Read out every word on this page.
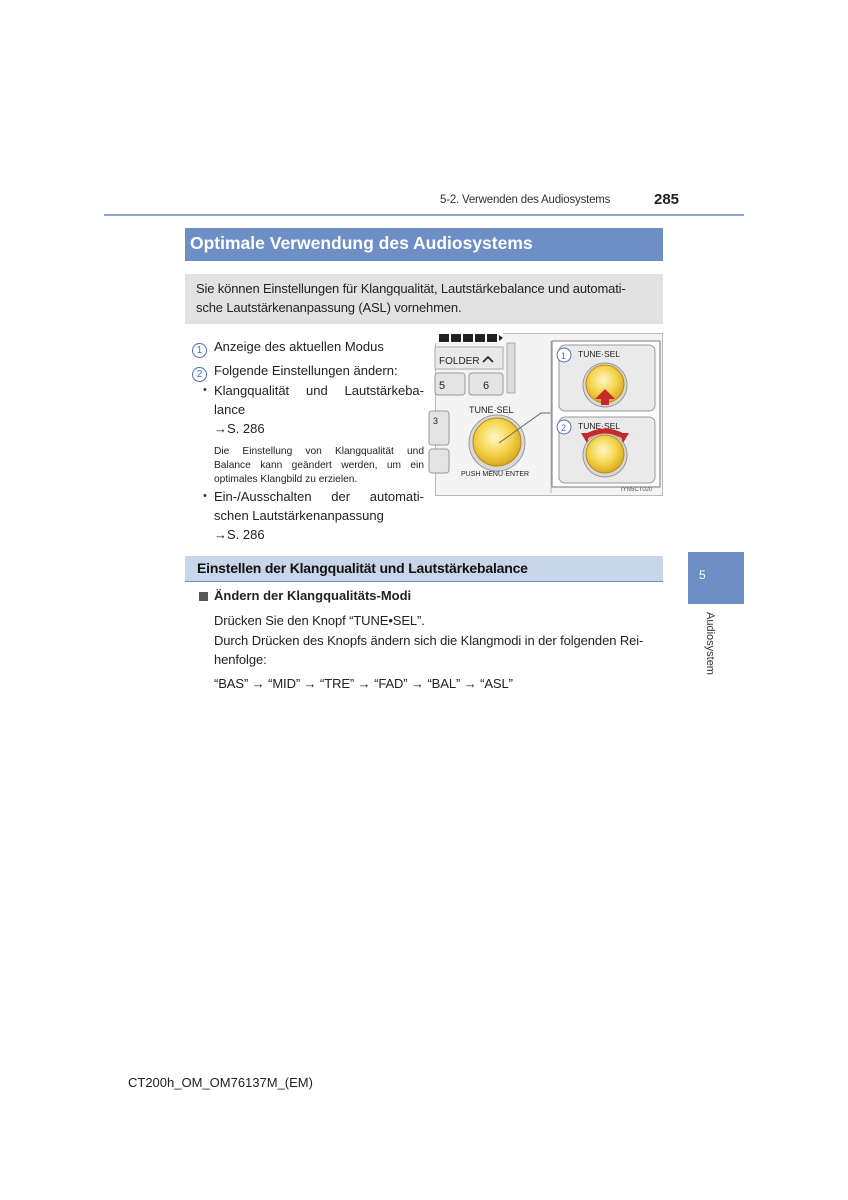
5-2. Verwenden des Audiosystems	285
Optimale Verwendung des Audiosystems
Sie können Einstellungen für Klangqualität, Lautstärkebalance und automati-
sche Lautstärkenanpassung (ASL) vornehmen.
1 Anzeige des aktuellen Modus
2 Folgende Einstellungen ändern:
• Klangqualität und Lautstärkeba-
lance
→S. 286
Die Einstellung von Klangqualität und
Balance kann geändert werden, um ein
optimales Klangbild zu erzielen.
• Ein-/Ausschalten der automati-
schen Lautstärkenanpassung
→S. 286
FOLDER
5	6
3
TUNE·SEL
PUSH MENU·ENTER
1 TUNE·SEL
2 TUNE·SEL
IYN5CT020
Einstellen der Klangqualität und Lautstärkebalance
Ändern der Klangqualitäts-Modi
Drücken Sie den Knopf “TUNE•SEL”.
Durch Drücken des Knopfs ändern sich die Klangmodi in der folgenden Rei-
henfolge:
“BAS” → “MID” → “TRE” → “FAD” → “BAL” → “ASL”
5
Audiosystem
CT200h_OM_OM76137M_(EM)
